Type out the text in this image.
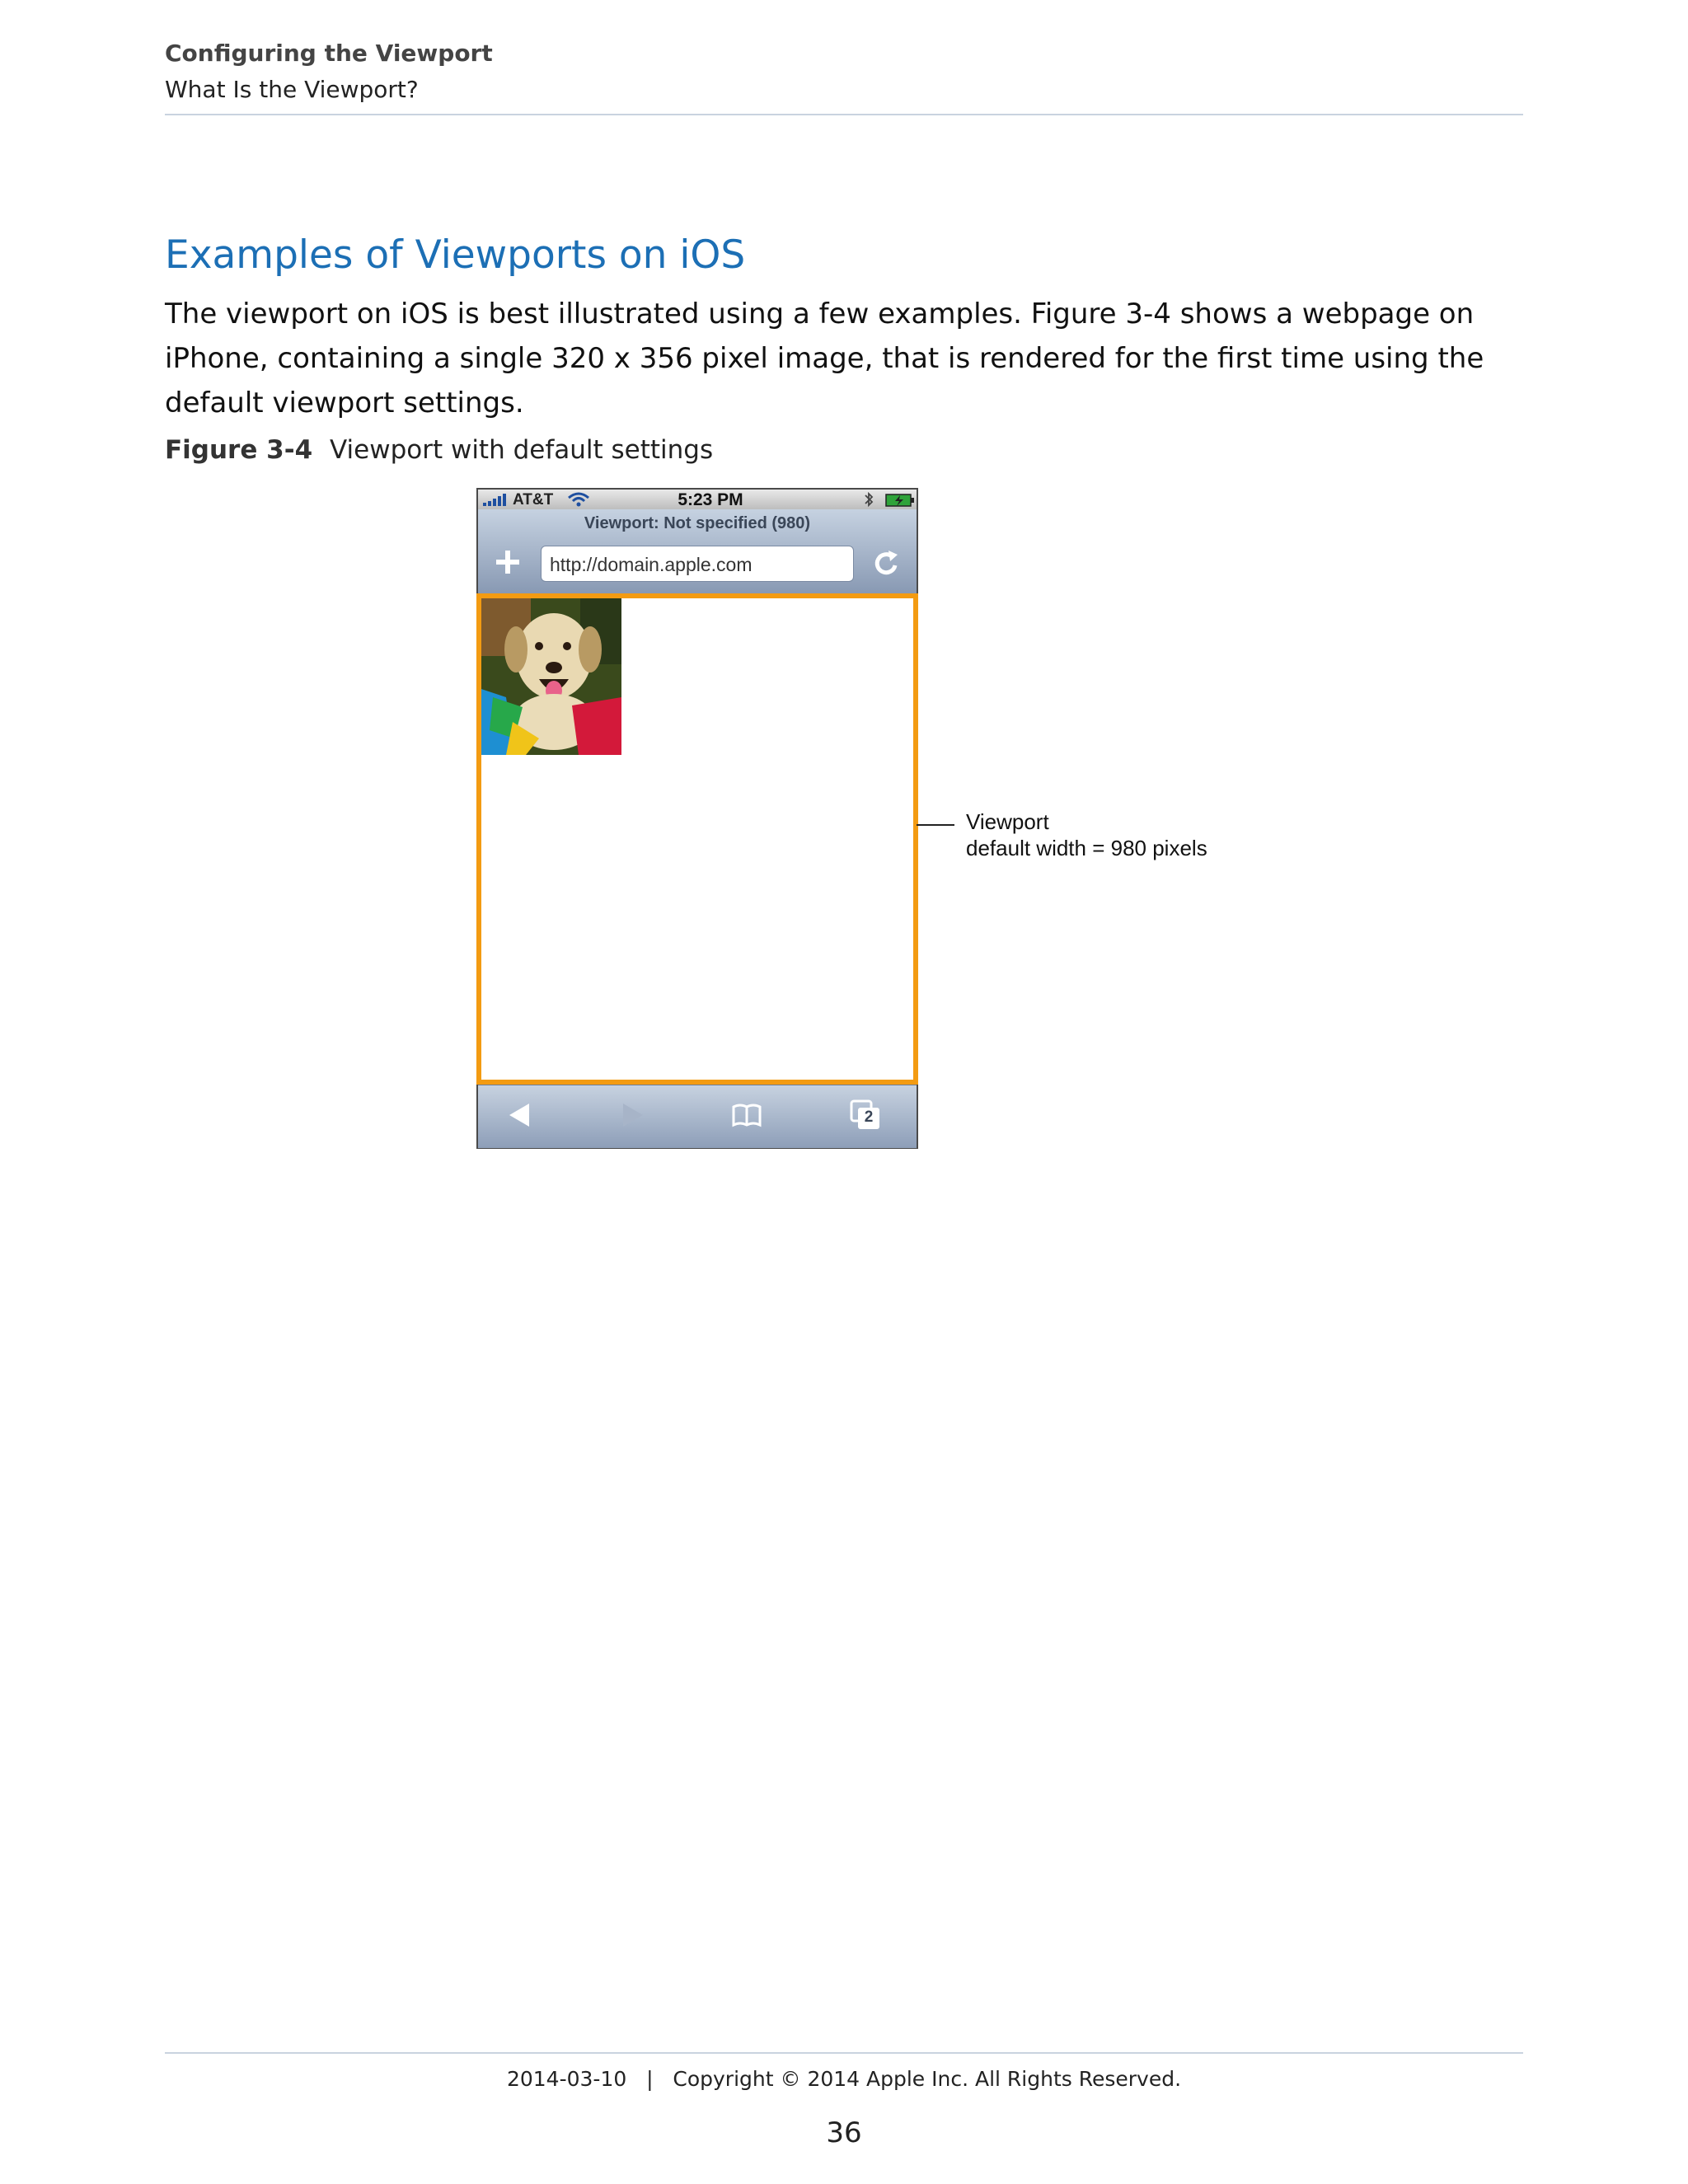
Configuring the Viewport
What Is the Viewport?
Examples of Viewports on iOS
The viewport on iOS is best illustrated using a few examples. Figure 3-4 shows a webpage on iPhone, containing a single 320 x 356 pixel image, that is rendered for the first time using the default viewport settings.
Figure 3-4 Viewport with default settings
AT&T	5:23 PM
Viewport: Not specified (980)
http://domain.apple.com
2
Viewport
default width = 980 pixels
2014-03-10 | Copyright © 2014 Apple Inc. All Rights Reserved.
36
